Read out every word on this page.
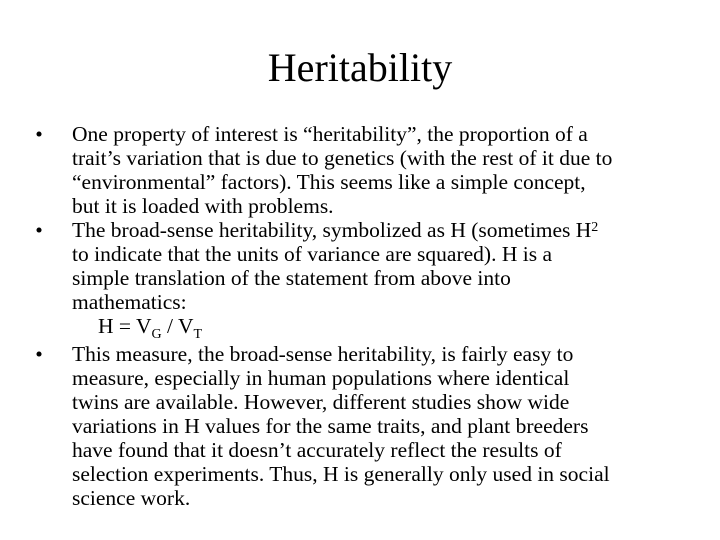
Heritability
•	One property of interest is “heritability”, the proportion of a
trait’s variation that is due to genetics (with the rest of it due to
“environmental” factors). This seems like a simple concept,
but it is loaded with problems.
•	The broad-sense heritability, symbolized as H (sometimes $H^2$
to indicate that the units of variance are squared). H is a
simple translation of the statement from above into
mathematics:
$H = V_G / V_T$
•	This measure, the broad-sense heritability, is fairly easy to
measure, especially in human populations where identical
twins are available. However, different studies show wide
variations in H values for the same traits, and plant breeders
have found that it doesn’t accurately reflect the results of
selection experiments. Thus, H is generally only used in social
science work.
